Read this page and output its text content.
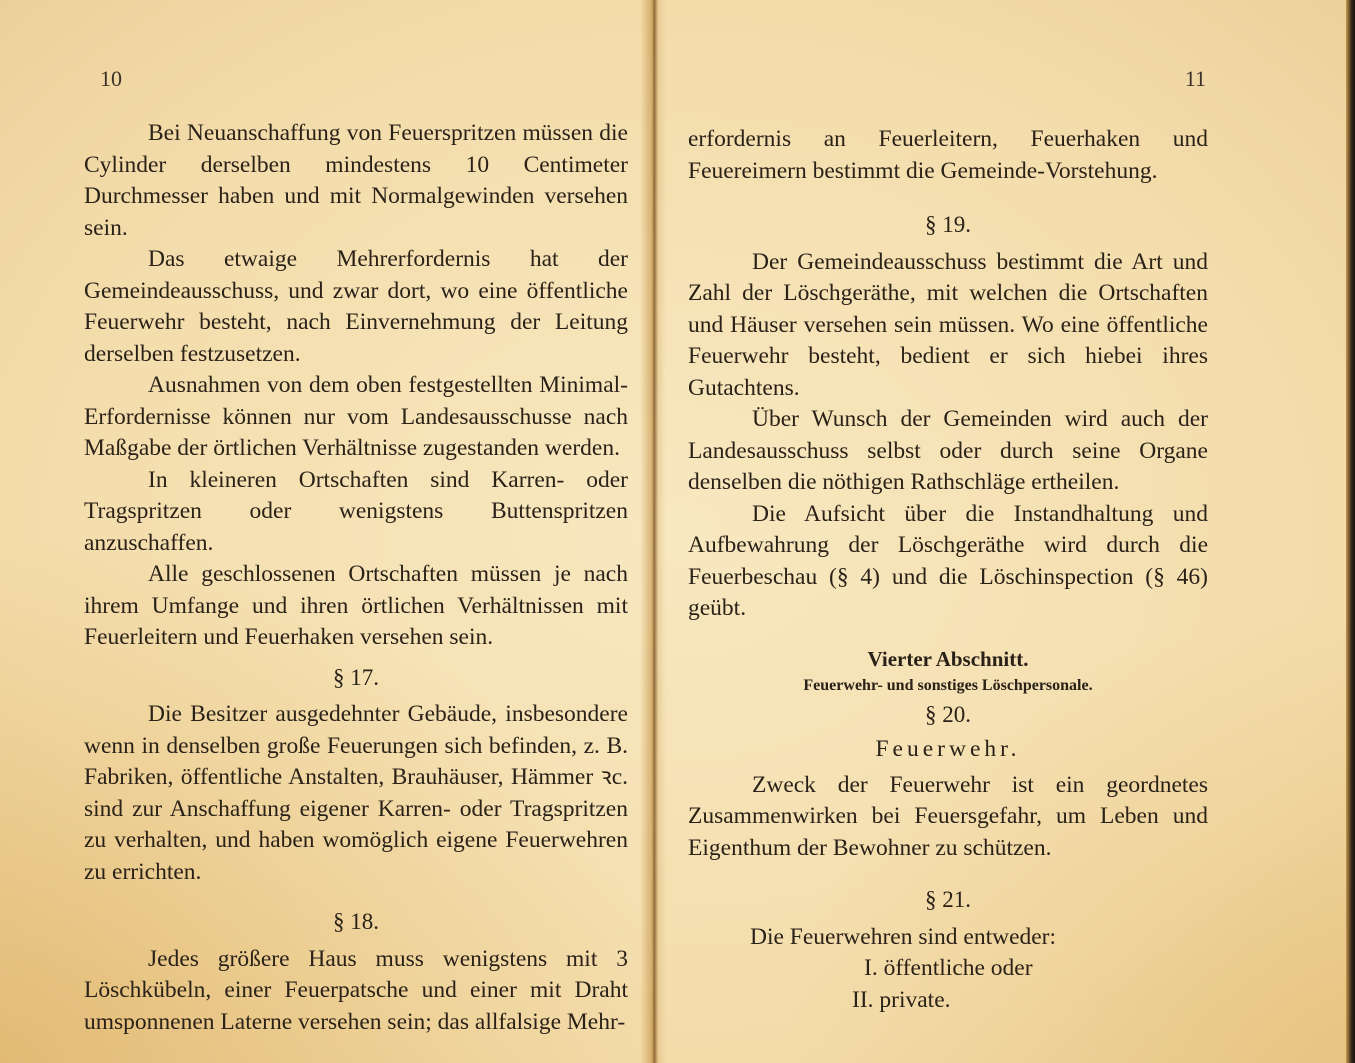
10

Bei Neuanschaffung von Feuerspritzen müssen die Cylinder derselben mindestens 10 Centimeter Durchmesser haben und mit Normalgewinden versehen sein.

Das etwaige Mehrerfordernis hat der Gemeindeausschuss, und zwar dort, wo eine öffentliche Feuerwehr besteht, nach Einvernehmung der Leitung derselben festzusetzen.

Ausnahmen von dem oben festgestellten Minimal-Erfordernisse können nur vom Landesausschusse nach Maßgabe der örtlichen Verhältnisse zugestanden werden.

In kleineren Ortschaften sind Karren- oder Tragspritzen oder wenigstens Buttenspritzen anzuschaffen.

Alle geschlossenen Ortschaften müssen je nach ihrem Umfange und ihren örtlichen Verhältnissen mit Feuerleitern und Feuerhaken versehen sein.

§ 17.

Die Besitzer ausgedehnter Gebäude, insbesondere wenn in denselben große Feuerungen sich befinden, z. B. Fabriken, öffentliche Anstalten, Brauhäuser, Hämmer ꝛc. sind zur Anschaffung eigener Karren- oder Tragspritzen zu verhalten, und haben womöglich eigene Feuerwehren zu errichten.

§ 18.

Jedes größere Haus muss wenigstens mit 3 Löschkübeln, einer Feuerpatsche und einer mit Draht umsponnenen Laterne versehen sein; das allfalsige Mehr-

11

erfordernis an Feuerleitern, Feuerhaken und Feuereimern bestimmt die Gemeinde-Vorstehung.

§ 19.

Der Gemeindeausschuss bestimmt die Art und Zahl der Löschgeräthe, mit welchen die Ortschaften und Häuser versehen sein müssen. Wo eine öffentliche Feuerwehr besteht, bedient er sich hiebei ihres Gutachtens.

Über Wunsch der Gemeinden wird auch der Landesausschuss selbst oder durch seine Organe denselben die nöthigen Rathschläge ertheilen.

Die Aufsicht über die Instandhaltung und Aufbewahrung der Löschgeräthe wird durch die Feuerbeschau (§ 4) und die Löschinspection (§ 46) geübt.

Vierter Abschnitt.
Feuerwehr- und sonstiges Löschpersonale.
§ 20.
Feuerwehr.

Zweck der Feuerwehr ist ein geordnetes Zusammenwirken bei Feuersgefahr, um Leben und Eigenthum der Bewohner zu schützen.

§ 21.

Die Feuerwehren sind entweder:

I. öffentliche oder

II. private.
